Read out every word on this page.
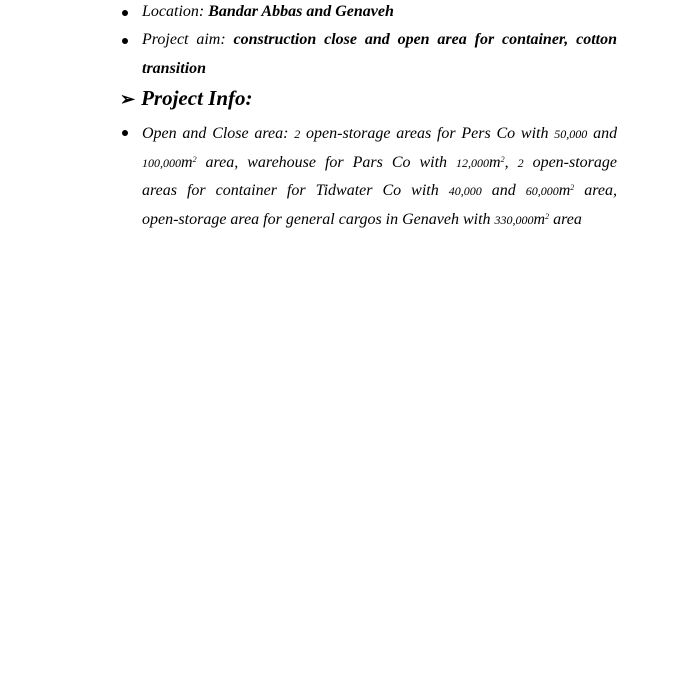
Location: Bandar Abbas and Genaveh
Project aim: construction close and open area for container, cotton
transition
➢ Project Info:
Open and Close area: 2 open-storage areas for Pers Co with 50,000 and
$100,000m^2$ area, warehouse for Pars Co with $12,000m^2$, 2 open-storage
areas for container for Tidwater Co with 40,000 and $60,000m^2$ area,
open-storage area for general cargos in Genaveh with $330,000m^2$ area
